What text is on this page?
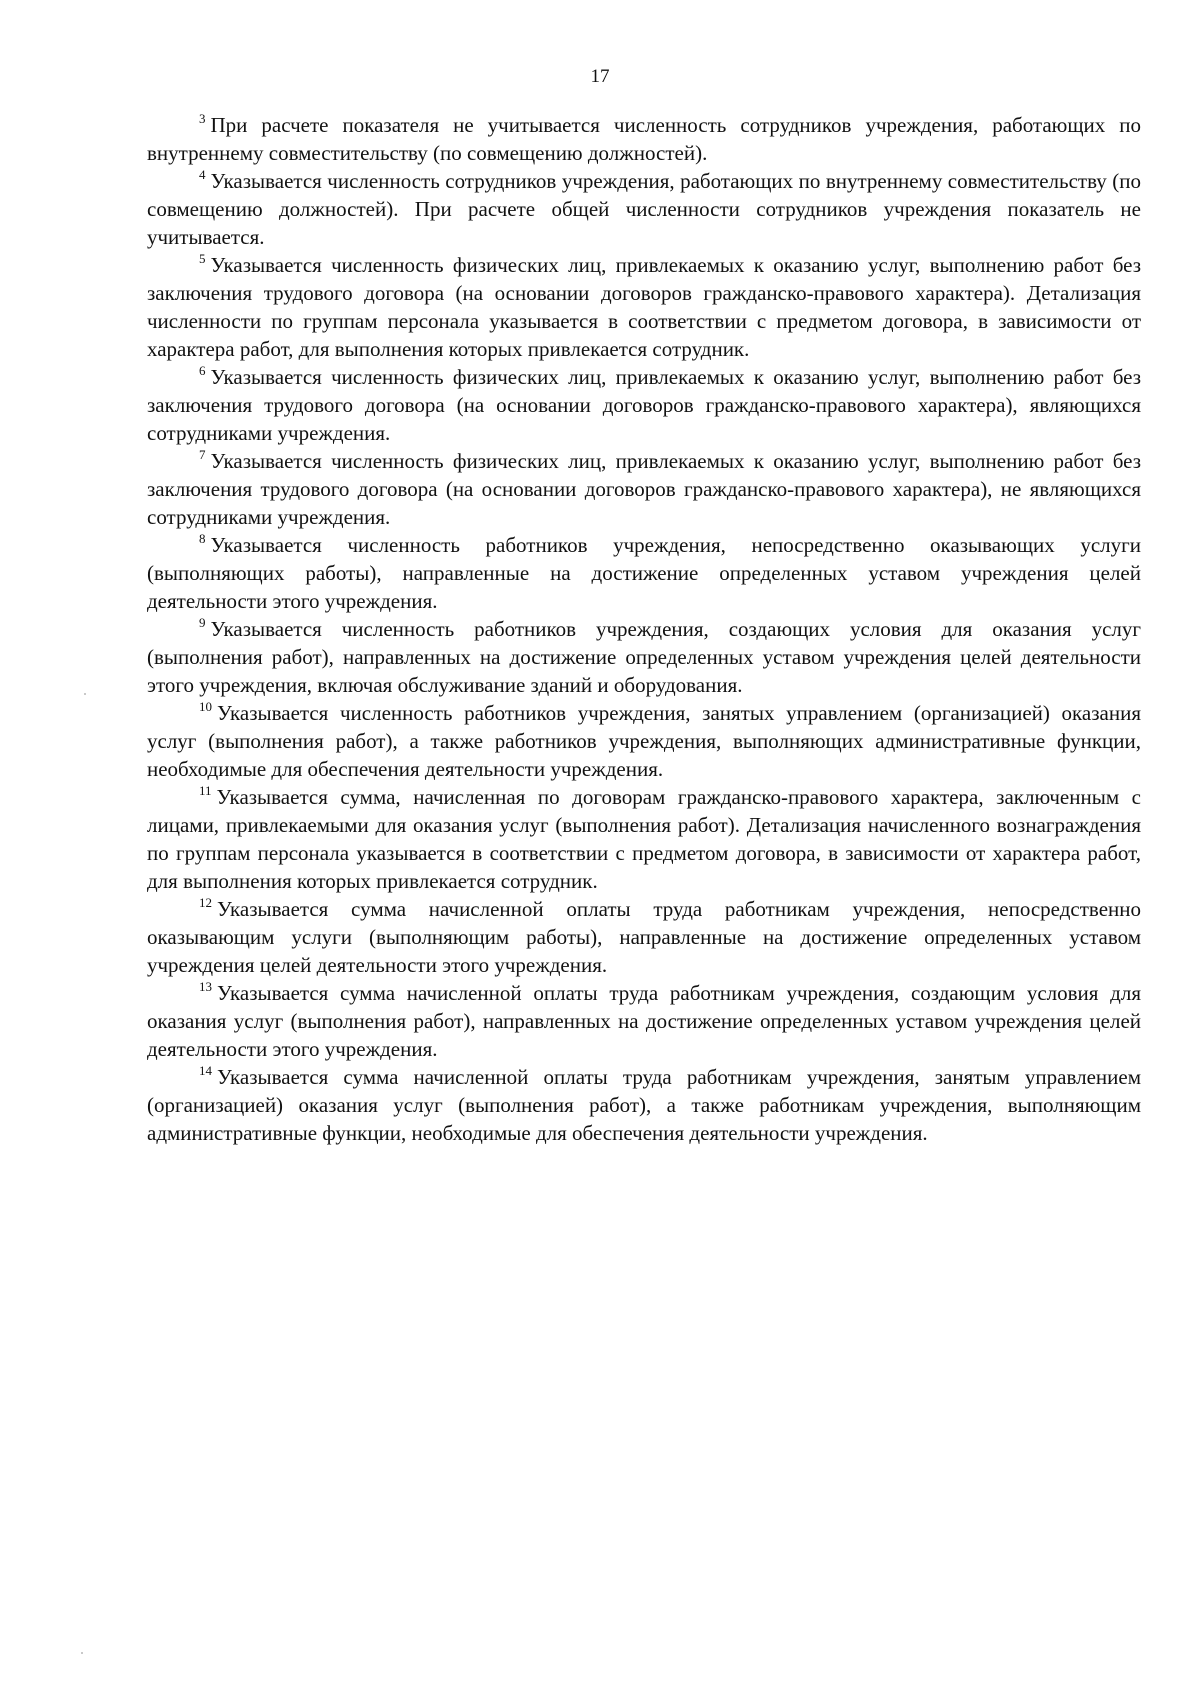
17

$^3$ При расчете показателя не учитывается численность сотрудников учреждения, работающих по внутреннему совместительству (по совмещению должностей).

$^4$ Указывается численность сотрудников учреждения, работающих по внутреннему совместительству (по совмещению должностей). При расчете общей численности сотрудников учреждения показатель не учитывается.

$^5$ Указывается численность физических лиц, привлекаемых к оказанию услуг, выполнению работ без заключения трудового договора (на основании договоров гражданско-правового характера). Детализация численности по группам персонала указывается в соответствии с предметом договора, в зависимости от характера работ, для выполнения которых привлекается сотрудник.

$^6$ Указывается численность физических лиц, привлекаемых к оказанию услуг, выполнению работ без заключения трудового договора (на основании договоров гражданско-правового характера), являющихся сотрудниками учреждения.

$^7$ Указывается численность физических лиц, привлекаемых к оказанию услуг, выполнению работ без заключения трудового договора (на основании договоров гражданско-правового характера), не являющихся сотрудниками учреждения.

$^8$ Указывается численность работников учреждения, непосредственно оказывающих услуги (выполняющих работы), направленные на достижение определенных уставом учреждения целей деятельности этого учреждения.

$^9$ Указывается численность работников учреждения, создающих условия для оказания услуг (выполнения работ), направленных на достижение определенных уставом учреждения целей деятельности этого учреждения, включая обслуживание зданий и оборудования.

$^{10}$ Указывается численность работников учреждения, занятых управлением (организацией) оказания услуг (выполнения работ), а также работников учреждения, выполняющих административные функции, необходимые для обеспечения деятельности учреждения.

$^{11}$ Указывается сумма, начисленная по договорам гражданско-правового характера, заключенным с лицами, привлекаемыми для оказания услуг (выполнения работ). Детализация начисленного вознаграждения по группам персонала указывается в соответствии с предметом договора, в зависимости от характера работ, для выполнения которых привлекается сотрудник.

$^{12}$ Указывается сумма начисленной оплаты труда работникам учреждения, непосредственно оказывающим услуги (выполняющим работы), направленные на достижение определенных уставом учреждения целей деятельности этого учреждения.

$^{13}$ Указывается сумма начисленной оплаты труда работникам учреждения, создающим условия для оказания услуг (выполнения работ), направленных на достижение определенных уставом учреждения целей деятельности этого учреждения.

$^{14}$ Указывается сумма начисленной оплаты труда работникам учреждения, занятым управлением (организацией) оказания услуг (выполнения работ), а также работникам учреждения, выполняющим административные функции, необходимые для обеспечения деятельности учреждения.
